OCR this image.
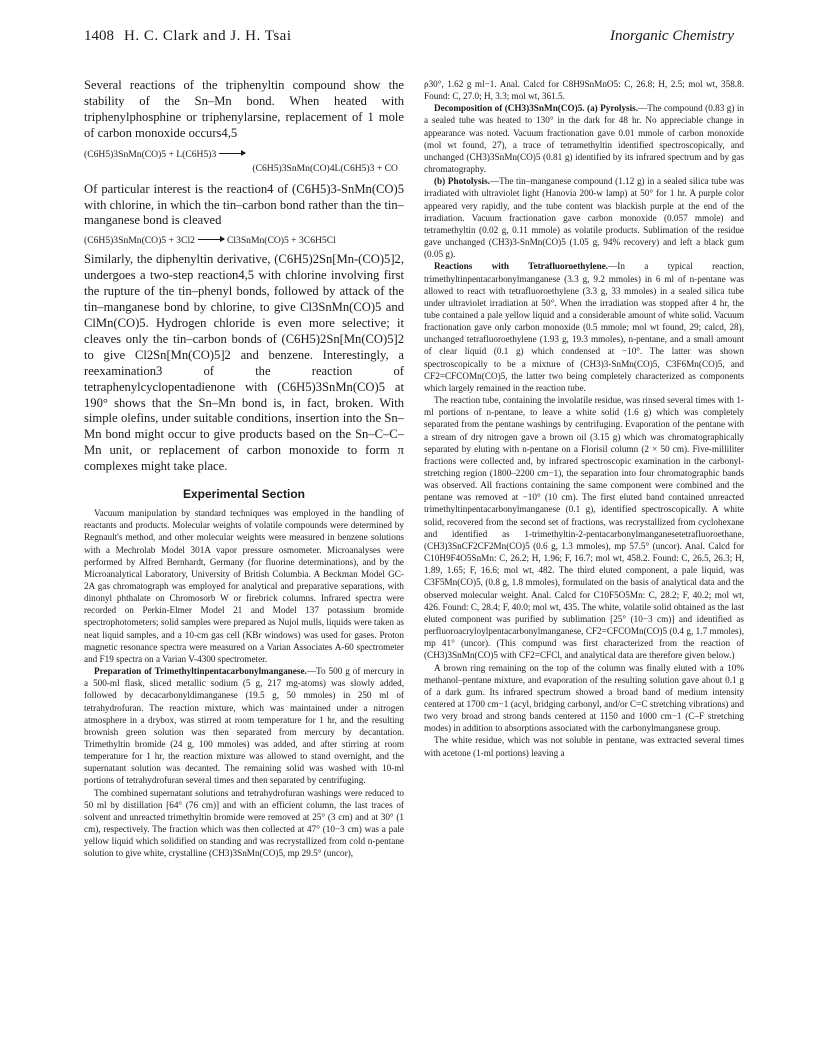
1408 H. C. Clark and J. H. Tsai	Inorganic Chemistry

Several reactions of the triphenyltin compound show the stability of the Sn–Mn bond. When heated with triphenylphosphine or triphenylarsine, replacement of 1 mole of carbon monoxide occurs4,5

(C6H5)3SnMn(CO)5 + L(C6H5)3
(C6H5)3SnMn(CO)4L(C6H5)3 + CO

Of particular interest is the reaction4 of (C6H5)3-SnMn(CO)5 with chlorine, in which the tin–carbon bond rather than the tin–manganese bond is cleaved

(C6H5)3SnMn(CO)5 + 3Cl2	Cl3SnMn(CO)5 + 3C6H5Cl

Similarly, the diphenyltin derivative, (C6H5)2Sn[Mn-(CO)5]2, undergoes a two-step reaction4,5 with chlorine involving first the rupture of the tin–phenyl bonds, followed by attack of the tin–manganese bond by chlorine, to give Cl3SnMn(CO)5 and ClMn(CO)5. Hydrogen chloride is even more selective; it cleaves only the tin–carbon bonds of (C6H5)2Sn[Mn(CO)5]2 to give Cl2Sn[Mn(CO)5]2 and benzene. Interestingly, a reexamination3 of the reaction of tetraphenylcyclopentadienone with (C6H5)3SnMn(CO)5 at 190° shows that the Sn–Mn bond is, in fact, broken. With simple olefins, under suitable conditions, insertion into the Sn–Mn bond might occur to give products based on the Sn–C–C–Mn unit, or replacement of carbon monoxide to form π complexes might take place.

Experimental Section

Vacuum manipulation by standard techniques was employed in the handling of reactants and products. Molecular weights of volatile compounds were determined by Regnault's method, and other molecular weights were measured in benzene solutions with a Mechrolab Model 301A vapor pressure osmometer. Microanalyses were performed by Alfred Bernhardt, Germany (for fluorine determinations), and by the Microanalytical Laboratory, University of British Columbia. A Beckman Model GC-2A gas chromatograph was employed for analytical and preparative separations, with dinonyl phthalate on Chromosorb W or firebrick columns. Infrared spectra were recorded on Perkin-Elmer Model 21 and Model 137 potassium bromide spectrophotometers; solid samples were prepared as Nujol mulls, liquids were taken as neat liquid samples, and a 10-cm gas cell (KBr windows) was used for gases. Proton magnetic resonance spectra were measured on a Varian Associates A-60 spectrometer and F19 spectra on a Varian V-4300 spectrometer.

Preparation of Trimethyltinpentacarbonylmanganese.—To 500 g of mercury in a 500-ml flask, sliced metallic sodium (5 g, 217 mg-atoms) was slowly added, followed by decacarbonyldimanganese (19.5 g, 50 mmoles) in 250 ml of tetrahydrofuran. The reaction mixture, which was maintained under a nitrogen atmosphere in a drybox, was stirred at room temperature for 1 hr, and the resulting brownish green solution was then separated from mercury by decantation. Trimethyltin bromide (24 g, 100 mmoles) was added, and after stirring at room temperature for 1 hr, the reaction mixture was allowed to stand overnight, and the supernatant solution was decanted. The remaining solid was washed with 10-ml portions of tetrahydrofuran several times and then separated by centrifuging.

The combined supernatant solutions and tetrahydrofuran washings were reduced to 50 ml by distillation [64° (76 cm)] and with an efficient column, the last traces of solvent and unreacted trimethyltin bromide were removed at 25° (3 cm) and at 30° (1 cm), respectively. The fraction which was then collected at 47° (10−3 cm) was a pale yellow liquid which solidified on standing and was recrystallized from cold n-pentane solution to give white, crystalline (CH3)3SnMn(CO)5, mp 29.5° (uncor),

ρ30°, 1.62 g ml−1. Anal. Calcd for C8H9SnMnO5: C, 26.8; H, 2.5; mol wt, 358.8. Found: C, 27.0; H, 3.3; mol wt, 361.5.

Decomposition of (CH3)3SnMn(CO)5. (a) Pyrolysis.—The compound (0.83 g) in a sealed tube was heated to 130° in the dark for 48 hr. No appreciable change in appearance was noted. Vacuum fractionation gave 0.01 mmole of carbon monoxide (mol wt found, 27), a trace of tetramethyltin identified spectroscopically, and unchanged (CH3)3SnMn(CO)5 (0.81 g) identified by its infrared spectrum and by gas chromatography.

(b) Photolysis.—The tin–manganese compound (1.12 g) in a sealed silica tube was irradiated with ultraviolet light (Hanovia 200-w lamp) at 50° for 1 hr. A purple color appeared very rapidly, and the tube content was blackish purple at the end of the irradiation. Vacuum fractionation gave carbon monoxide (0.057 mmole) and tetramethyltin (0.02 g, 0.11 mmole) as volatile products. Sublimation of the residue gave unchanged (CH3)3-SnMn(CO)5 (1.05 g, 94% recovery) and left a black gum (0.05 g).

Reactions with Tetrafluoroethylene.—In a typical reaction, trimethyltinpentacarbonylmanganese (3.3 g, 9.2 mmoles) in 6 ml of n-pentane was allowed to react with tetrafluoroethylene (3.3 g, 33 mmoles) in a sealed silica tube under ultraviolet irradiation at 50°. When the irradiation was stopped after 4 hr, the tube contained a pale yellow liquid and a considerable amount of white solid. Vacuum fractionation gave only carbon monoxide (0.5 mmole; mol wt found, 29; calcd, 28), unchanged tetrafluoroethylene (1.93 g, 19.3 mmoles), n-pentane, and a small amount of clear liquid (0.1 g) which condensed at −10°. The latter was shown spectroscopically to be a mixture of (CH3)3-SnMn(CO)5, C3F6Mn(CO)5, and CF2=CFCOMn(CO)5, the latter two being completely characterized as components which largely remained in the reaction tube.

The reaction tube, containing the involatile residue, was rinsed several times with 1-ml portions of n-pentane, to leave a white solid (1.6 g) which was completely separated from the pentane washings by centrifuging. Evaporation of the pentane with a stream of dry nitrogen gave a brown oil (3.15 g) which was chromatographically separated by eluting with n-pentane on a Florisil column (2 × 50 cm). Five-milliliter fractions were collected and, by infrared spectroscopic examination in the carbonyl-stretching region (1800–2200 cm−1), the separation into four chromatographic bands was observed. All fractions containing the same component were combined and the pentane was removed at −10° (10 cm). The first eluted band contained unreacted trimethyltinpentacarbonylmanganese (0.1 g), identified spectroscopically. A white solid, recovered from the second set of fractions, was recrystallized from cyclohexane and identified as 1-trimethyltin-2-pentacarbonylmanganesetetrafluoroethane, (CH3)3SnCF2CF2Mn(CO)5 (0.6 g, 1.3 mmoles), mp 57.5° (uncor). Anal. Calcd for C10H9F4O5SnMn: C, 26.2; H, 1.96; F, 16.7; mol wt, 458.2. Found: C, 26.5, 26.3; H, 1.89, 1.65; F, 16.6; mol wt, 482. The third eluted component, a pale liquid, was C3F5Mn(CO)5, (0.8 g, 1.8 mmoles), formulated on the basis of analytical data and the observed molecular weight. Anal. Calcd for C10F5O5Mn: C, 28.2; F, 40.2; mol wt, 426. Found: C, 28.4; F, 40.0; mol wt, 435. The white, volatile solid obtained as the last eluted component was purified by sublimation [25° (10−3 cm)] and identified as perfluoroacryloylpentacarbonylmanganese, CF2=CFCOMn(CO)5 (0.4 g, 1.7 mmoles), mp 41° (uncor). (This compund was first characterized from the reaction of (CH3)3SnMn(CO)5 with CF2=CFCl, and analytical data are therefore given below.)

A brown ring remaining on the top of the column was finally eluted with a 10% methanol–pentane mixture, and evaporation of the resulting solution gave about 0.1 g of a dark gum. Its infrared spectrum showed a broad band of medium intensity centered at 1700 cm−1 (acyl, bridging carbonyl, and/or C=C stretching vibrations) and two very broad and strong bands centered at 1150 and 1000 cm−1 (C–F stretching modes) in addition to absorptions associated with the carbonylmanganese group.

The white residue, which was not soluble in pentane, was extracted several times with acetone (1-ml portions) leaving a
